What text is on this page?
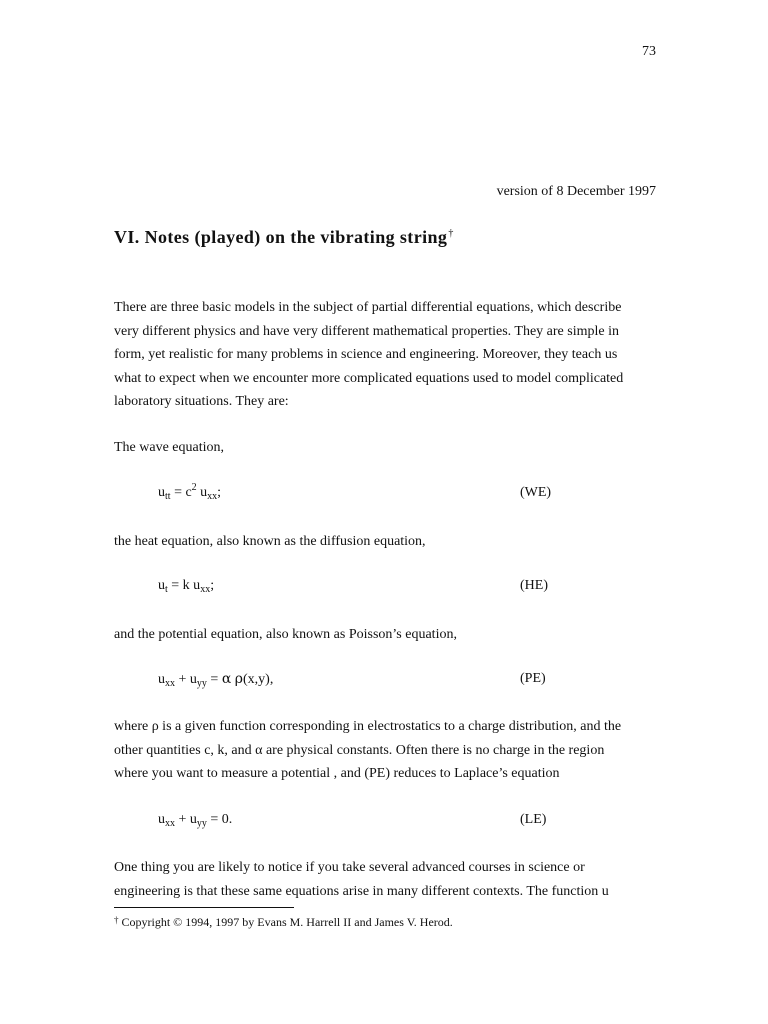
73
version of 8 December 1997
VI. Notes (played) on the vibrating string†
There are three basic models in the subject of partial differential equations, which describe
very different physics and have very different mathematical properties. They are simple in
form, yet realistic for many problems in science and engineering. Moreover, they teach us
what to expect when we encounter more complicated equations used to model complicated
laboratory situations. They are:
The wave equation,
$u_{tt} = c^2$ $u_{xx}$;	(WE)
the heat equation, also known as the diffusion equation,
$u_t = k$ $u_{xx}$;	(HE)
and the potential equation, also known as Poisson’s equation,
$u_{xx} + u_{yy} = \alpha$ ρ(x,y),	(PE)
where ρ is a given function corresponding in electrostatics to a charge distribution, and the
other quantities c, k, and α are physical constants. Often there is no charge in the region
where you want to measure a potential , and (PE) reduces to Laplace’s equation
$u_{xx} + u_{yy} = 0$.	(LE)
One thing you are likely to notice if you take several advanced courses in science or
engineering is that these same equations arise in many different contexts. The function u
† Copyright © 1994, 1997 by Evans M. Harrell II and James V. Herod.
